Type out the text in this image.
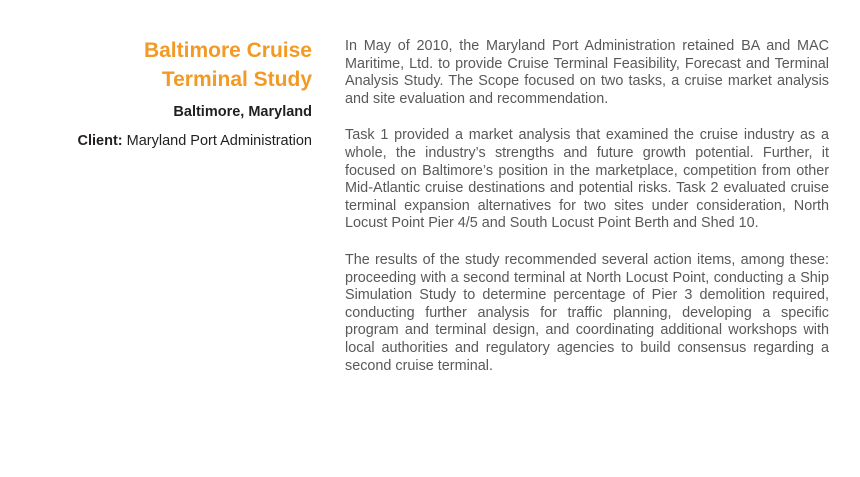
Baltimore Cruise
Terminal Study
Baltimore, Maryland
Client: Maryland Port Administration

In May of 2010, the Maryland Port Administration retained BA and MAC Maritime, Ltd. to provide Cruise Terminal Feasibility, Forecast and Terminal Analysis Study. The Scope focused on two tasks, a cruise market analysis and site evaluation and recommendation.

Task 1 provided a market analysis that examined the cruise industry as a whole, the industry’s strengths and future growth potential. Further, it focused on Baltimore’s position in the marketplace, competition from other Mid-Atlantic cruise destinations and potential risks. Task 2 evaluated cruise terminal expansion alternatives for two sites under consideration, North Locust Point Pier 4/5 and South Locust Point Berth and Shed 10.

The results of the study recommended several action items, among these: proceeding with a second terminal at North Locust Point, conducting a Ship Simulation Study to determine percentage of Pier 3 demolition required, conducting further analysis for traffic planning, developing a specific program and terminal design, and coordinating additional workshops with local authorities and regulatory agencies to build consensus regarding a second cruise terminal.
